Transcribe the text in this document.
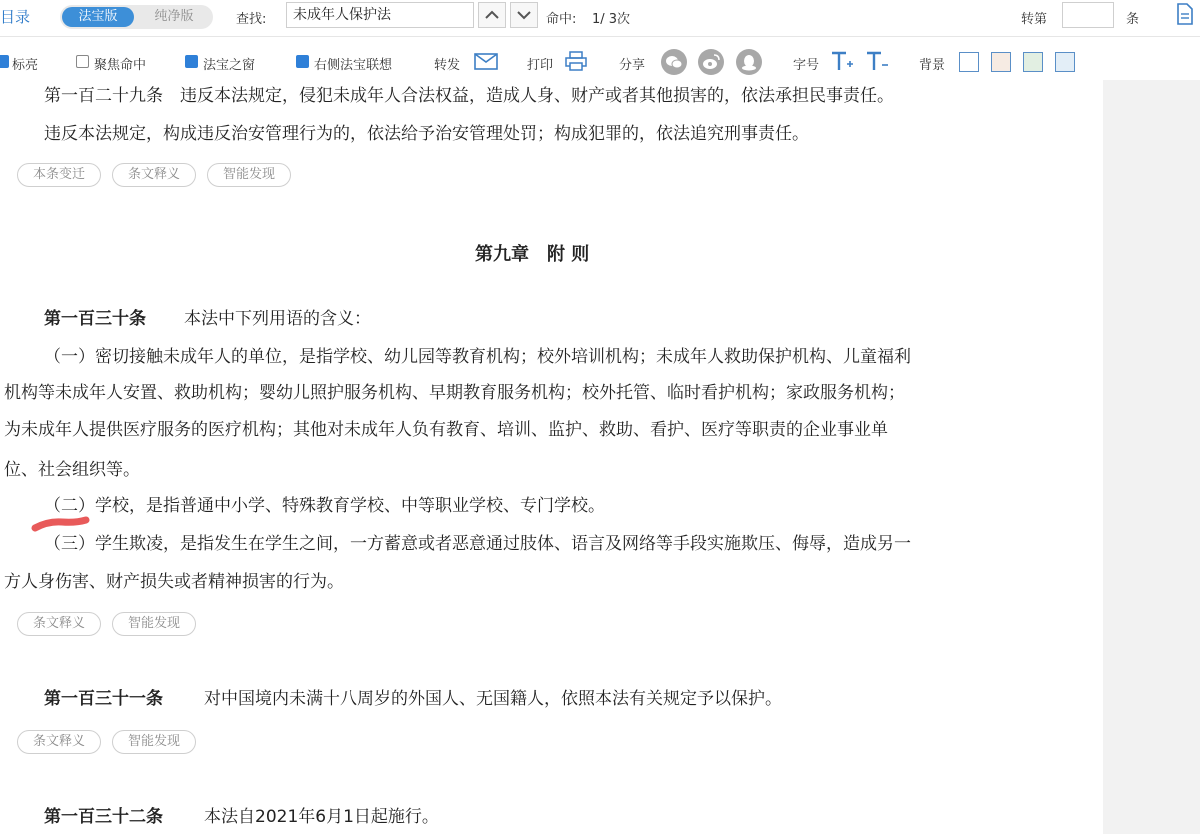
目录	法宝版	纯净版	查找:	未成年人保护法	命中: 1/ 3次	转第	条
标亮	聚焦命中	法宝之窗	右侧法宝联想	转发	打印	分享	字号	背景
第一百二十九条　违反本法规定，侵犯未成年人合法权益，造成人身、财产或者其他损害的，依法承担民事责任。
违反本法规定，构成违反治安管理行为的，依法给予治安管理处罚；构成犯罪的，依法追究刑事责任。
本条变迁	条文释义	智能发现
第九章　附 则
第一百三十条 本法中下列用语的含义：
（一）密切接触未成年人的单位，是指学校、幼儿园等教育机构；校外培训机构；未成年人救助保护机构、儿童福利
机构等未成年人安置、救助机构；婴幼儿照护服务机构、早期教育服务机构；校外托管、临时看护机构；家政服务机构；
为未成年人提供医疗服务的医疗机构；其他对未成年人负有教育、培训、监护、救助、看护、医疗等职责的企业事业单
位、社会组织等。
（二）学校，是指普通中小学、特殊教育学校、中等职业学校、专门学校。
（三）学生欺凌，是指发生在学生之间，一方蓄意或者恶意通过肢体、语言及网络等手段实施欺压、侮辱，造成另一
方人身伤害、财产损失或者精神损害的行为。
条文释义	智能发现
第一百三十一条 对中国境内未满十八周岁的外国人、无国籍人，依照本法有关规定予以保护。
条文释义	智能发现
第一百三十二条 本法自2021年6月1日起施行。
